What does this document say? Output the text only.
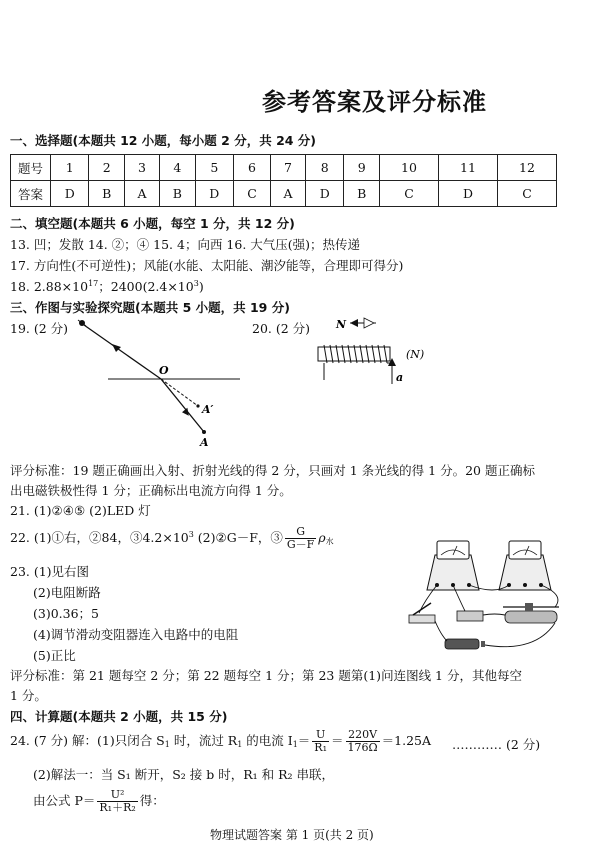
参考答案及评分标准
一、选择题(本题共 12 小题，每小题 2 分，共 24 分)
题号	1	2	3	4	5	6	7	8	9	10	11	12
答案	D	B	A	B	D	C	A	D	B	C	D	C
二、填空题(本题共 6 小题，每空 1 分，共 12 分)
13. 凹；发散 14. ②；④ 15. 4；向西 16. 大气压(强)；热传递
17. 方向性(不可逆性)；风能(水能、太阳能、潮汐能等，合理即可得分)
18. $2.88\times 10^{17}$；$2400(2.4\times 10^3)$
三、作图与实验探究题(本题共 5 小题，共 19 分)
19. (2 分)	20. (2 分)
O
A′
A
N
a
(N)
评分标准：19 题正确画出入射、折射光线的得 2 分，只画对 1 条光线的得 1 分。20 题正确标
出电磁铁极性得 1 分；正确标出电流方向得 1 分。
21. (1)②④⑤ (2)LED 灯
22. (1)①右，②84，$③4.2\times 10^3$ (2)②G－F，③ $\frac{G}{G-F} \rho_水$
23. (1)见右图
(2)电阻断路
(3)0.36；5
(4)调节滑动变阻器连入电路中的电阻
(5)正比
评分标准：第 21 题每空 2 分；第 22 题每空 1 分；第 23 题第(1)问连图线 1 分，其他每空
1 分。
四、计算题(本题共 2 小题，共 15 分)
24. (7 分) 解：(1)只闭合 $S_1$ 时，流过 $R_1$ 的电流 $I_1= \frac{U}{\text{R₁}} = \frac{220V}{176\Omega} =1.25A$ ………… (2 分)
(2)解法一：当 S₁ 断开，S₂ 接 b 时，R₁ 和 R₂ 串联，
由公式 $P= \frac{\text{U²}}{\text{R₁＋R₂}}$ 得：
物理试题答案 第 1 页(共 2 页)
